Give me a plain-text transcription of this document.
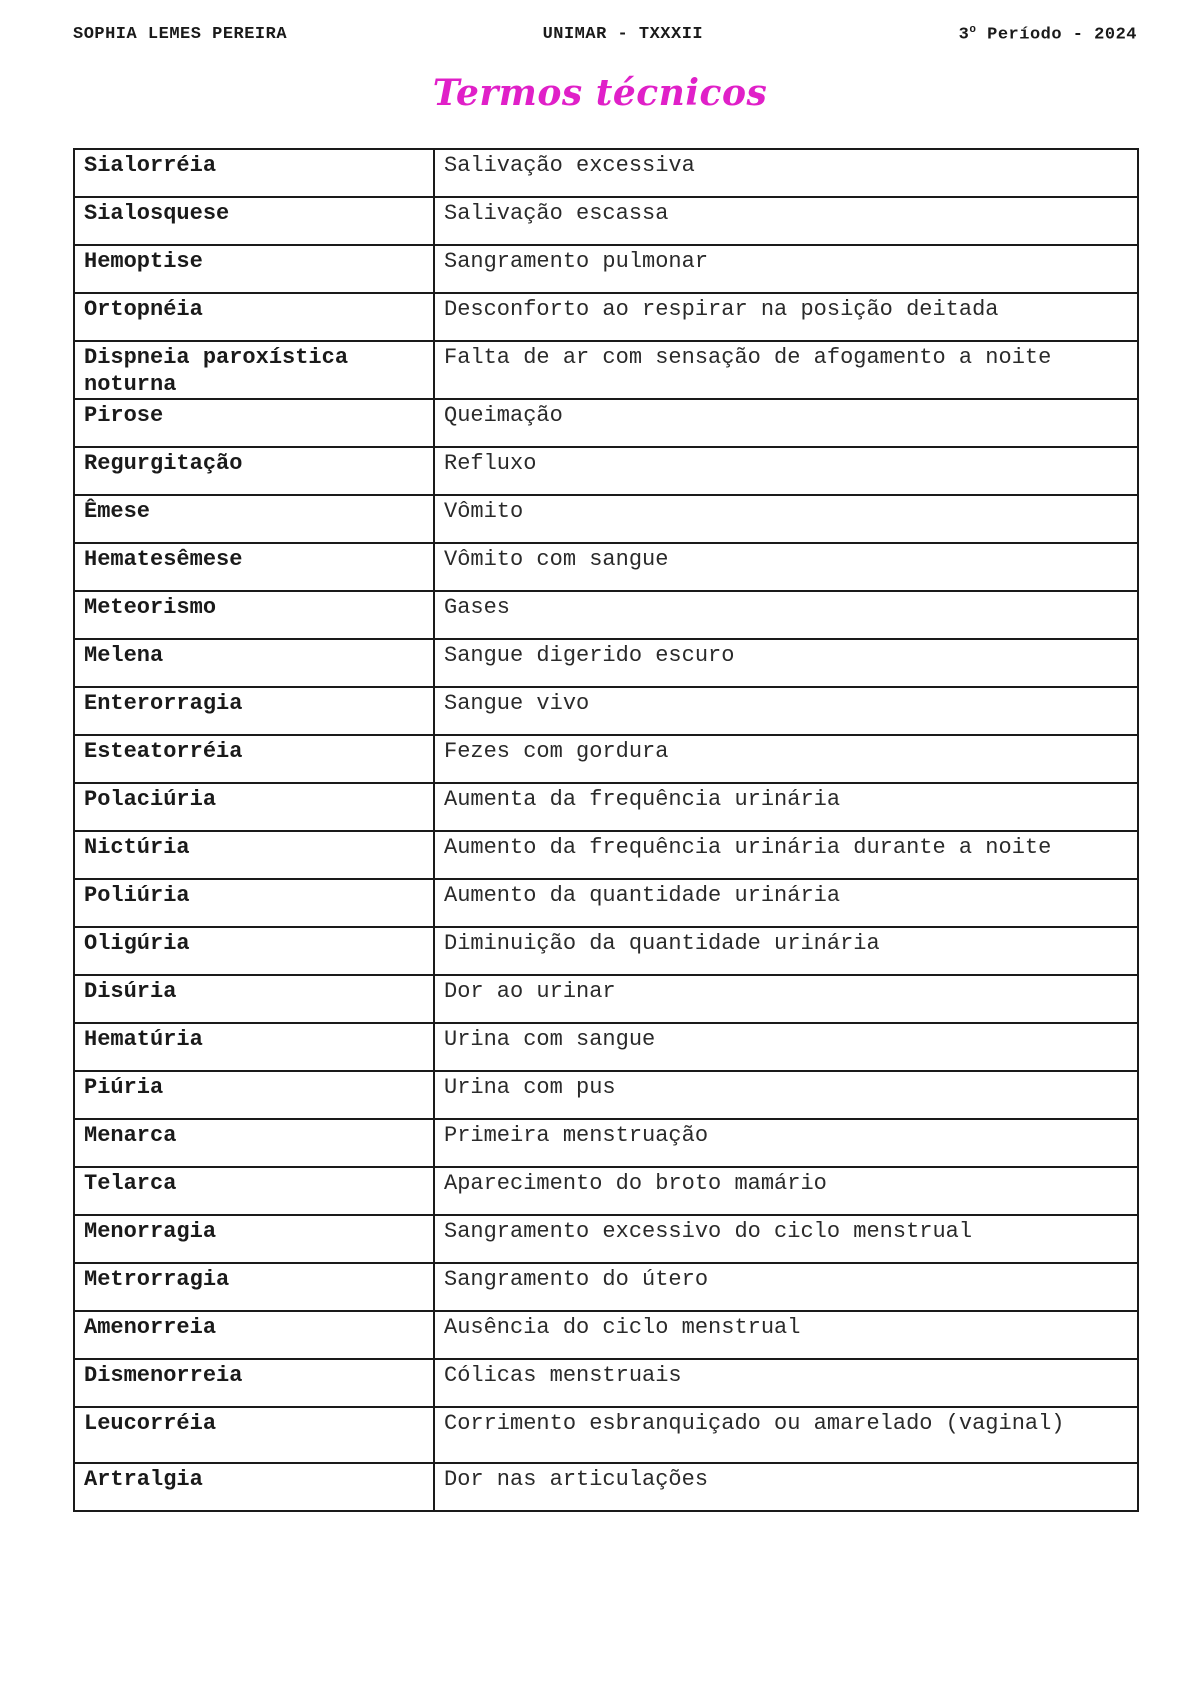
SOPHIA LEMES PEREIRA	UNIMAR - TXXXII	3$^o$ Período - 2024
Termos técnicos
Sialorréia	Salivação excessiva
Sialosquese	Salivação escassa
Hemoptise	Sangramento pulmonar
Ortopnéia	Desconforto ao respirar na posição deitada
Dispneia paroxística noturna	Falta de ar com sensação de afogamento a noite
Pirose	Queimação
Regurgitação	Refluxo
Êmese	Vômito
Hematesêmese	Vômito com sangue
Meteorismo	Gases
Melena	Sangue digerido escuro
Enterorragia	Sangue vivo
Esteatorréia	Fezes com gordura
Polaciúria	Aumenta da frequência urinária
Nictúria	Aumento da frequência urinária durante a noite
Poliúria	Aumento da quantidade urinária
Oligúria	Diminuição da quantidade urinária
Disúria	Dor ao urinar
Hematúria	Urina com sangue
Piúria	Urina com pus
Menarca	Primeira menstruação
Telarca	Aparecimento do broto mamário
Menorragia	Sangramento excessivo do ciclo menstrual
Metrorragia	Sangramento do útero
Amenorreia	Ausência do ciclo menstrual
Dismenorreia	Cólicas menstruais
Leucorréia	Corrimento esbranquiçado ou amarelado (vaginal)
Artralgia	Dor nas articulações
